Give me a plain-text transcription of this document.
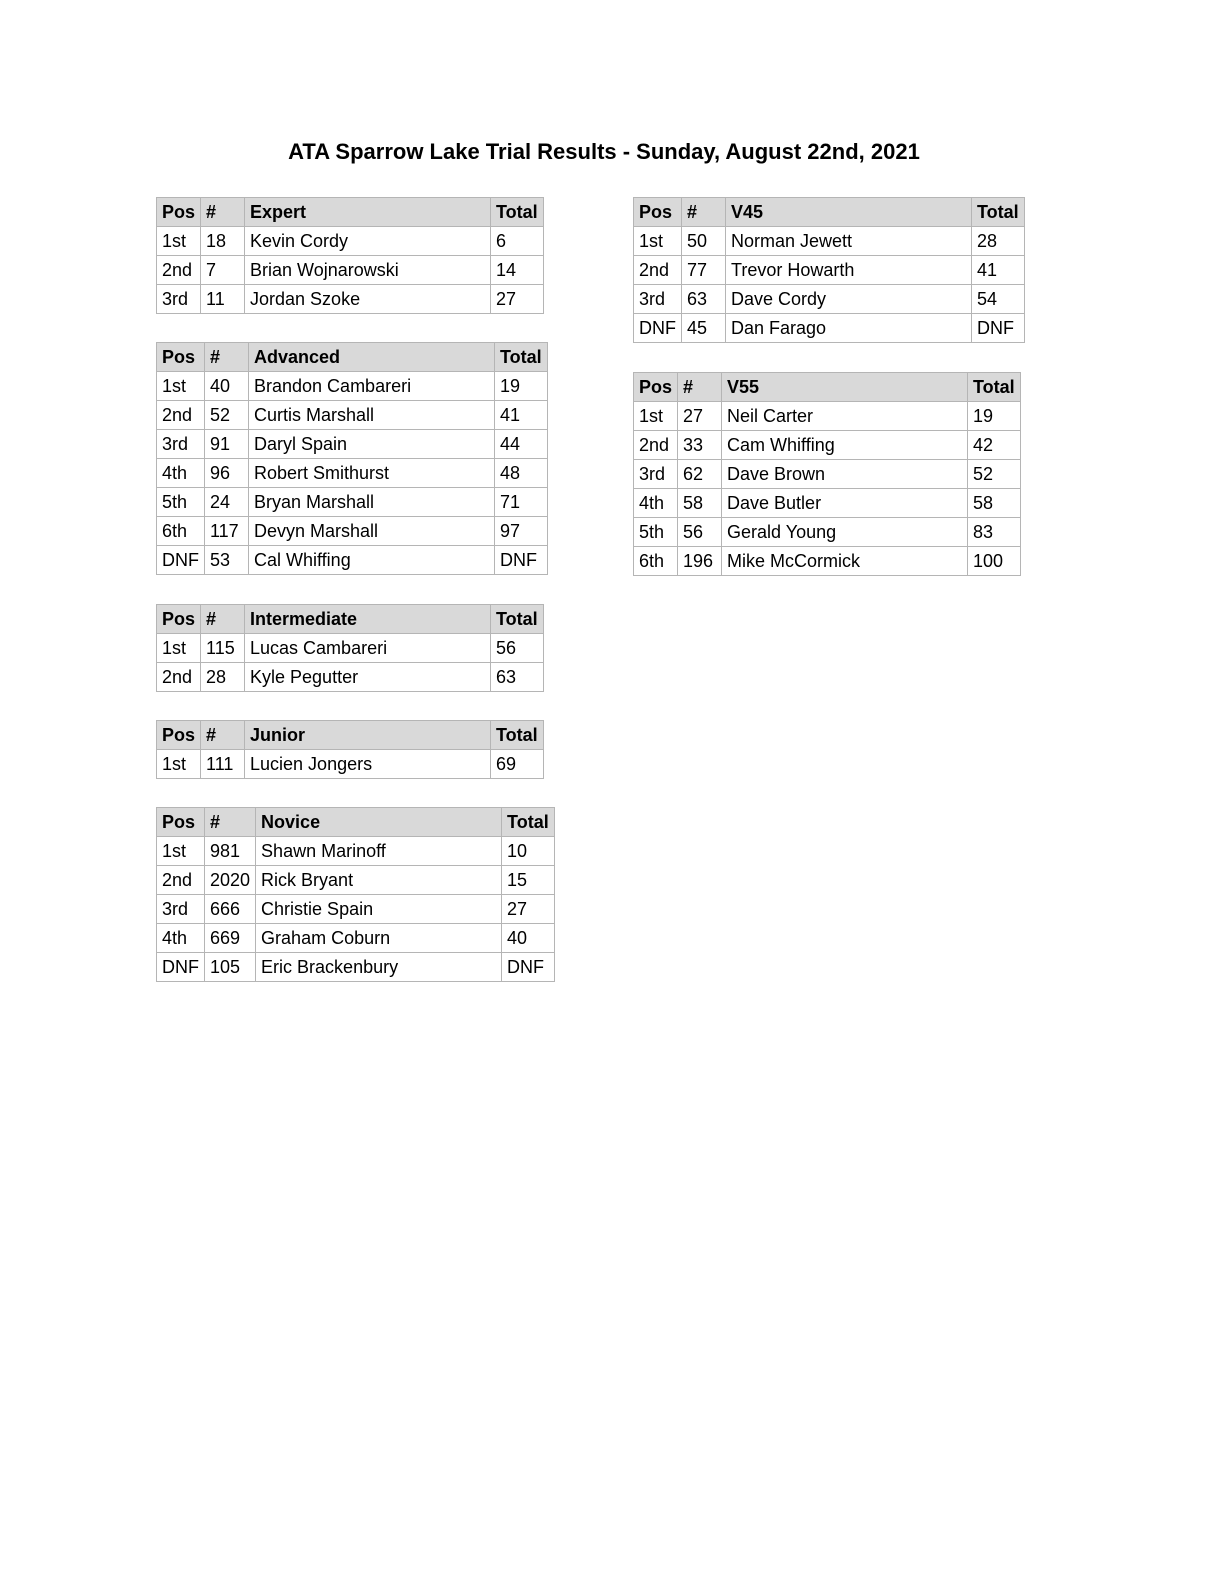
ATA Sparrow Lake Trial Results - Sunday, August 22nd, 2021
Pos	#	Expert	Total
1st	18	Kevin Cordy	6
2nd	7	Brian Wojnarowski	14
3rd	11	Jordan Szoke	27
Pos	#	Advanced	Total
1st	40	Brandon Cambareri	19
2nd	52	Curtis Marshall	41
3rd	91	Daryl Spain	44
4th	96	Robert Smithurst	48
5th	24	Bryan Marshall	71
6th	117	Devyn Marshall	97
DNF	53	Cal Whiffing	DNF
Pos	#	Intermediate	Total
1st	115	Lucas Cambareri	56
2nd	28	Kyle Pegutter	63
Pos	#	Junior	Total
1st	111	Lucien Jongers	69
Pos	#	Novice	Total
1st	981	Shawn Marinoff	10
2nd	2020	Rick Bryant	15
3rd	666	Christie Spain	27
4th	669	Graham Coburn	40
DNF	105	Eric Brackenbury	DNF
Pos	#	V45	Total
1st	50	Norman Jewett	28
2nd	77	Trevor Howarth	41
3rd	63	Dave Cordy	54
DNF	45	Dan Farago	DNF
Pos	#	V55	Total
1st	27	Neil Carter	19
2nd	33	Cam Whiffing	42
3rd	62	Dave Brown	52
4th	58	Dave Butler	58
5th	56	Gerald Young	83
6th	196	Mike McCormick	100
